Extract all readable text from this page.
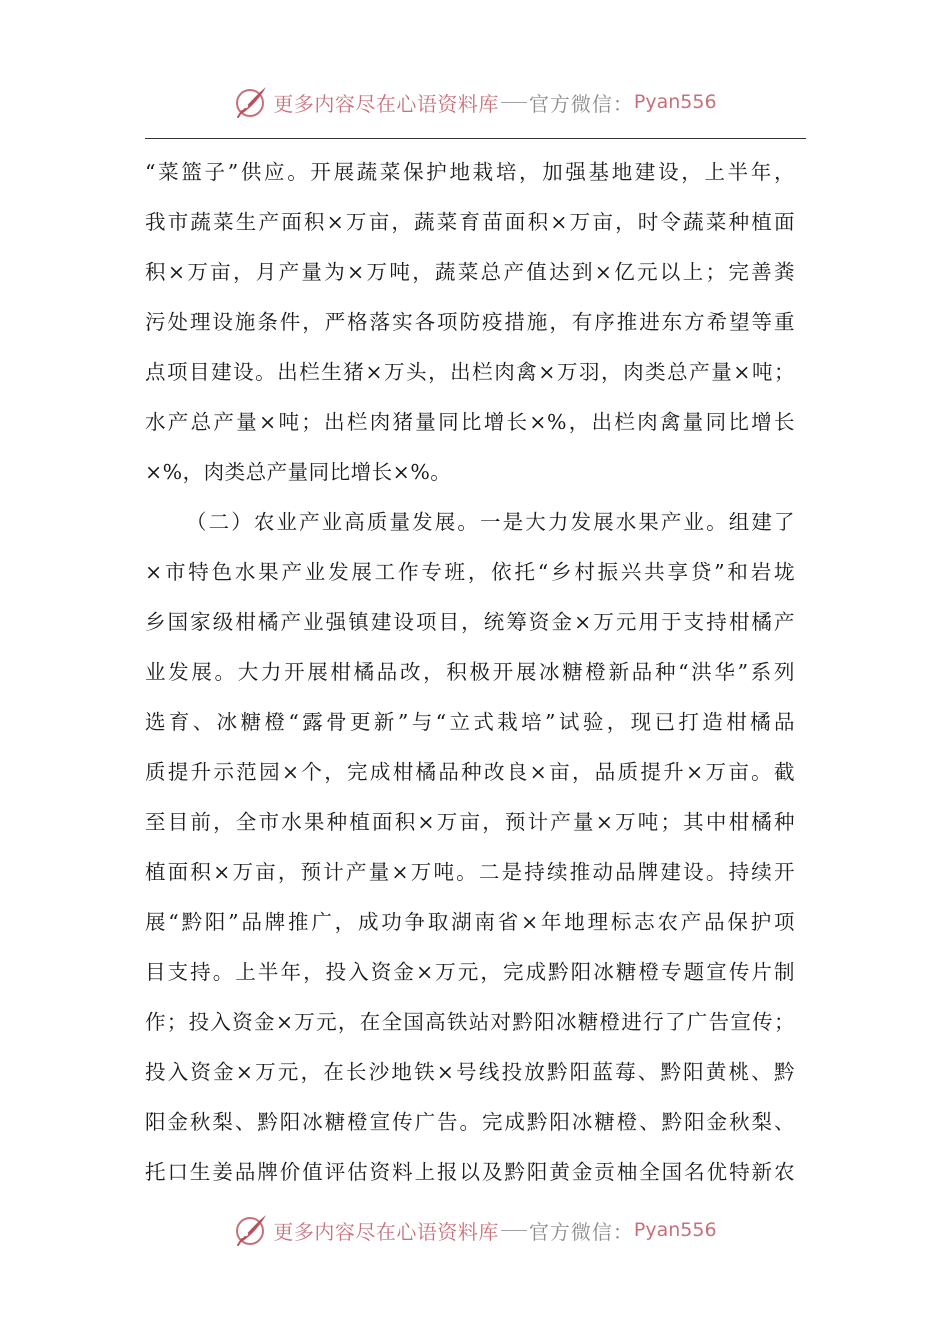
更多内容尽在心语资料库 官方微信： Pyan556
“菜篮子”供应。开展蔬菜保护地栽培，加强基地建设，上半年，
我市蔬菜生产面积×万亩，蔬菜育苗面积×万亩，时令蔬菜种植面
积×万亩，月产量为×万吨，蔬菜总产值达到×亿元以上；完善粪
污处理设施条件，严格落实各项防疫措施，有序推进东方希望等重
点项目建设。出栏生猪×万头，出栏肉禽×万羽，肉类总产量×吨；
水产总产量×吨；出栏肉猪量同比增长×%，出栏肉禽量同比增长
×%，肉类总产量同比增长×%。
（二）农业产业高质量发展。一是大力发展水果产业。组建了
×市特色水果产业发展工作专班，依托“乡村振兴共享贷”和岩垅
乡国家级柑橘产业强镇建设项目，统筹资金×万元用于支持柑橘产
业发展。大力开展柑橘品改，积极开展冰糖橙新品种“洪华”系列
选育、冰糖橙“露骨更新”与“立式栽培”试验，现已打造柑橘品
质提升示范园×个，完成柑橘品种改良×亩，品质提升×万亩。截
至目前，全市水果种植面积×万亩，预计产量×万吨；其中柑橘种
植面积×万亩，预计产量×万吨。二是持续推动品牌建设。持续开
展“黔阳”品牌推广，成功争取湖南省×年地理标志农产品保护项
目支持。上半年，投入资金×万元，完成黔阳冰糖橙专题宣传片制
作；投入资金×万元，在全国高铁站对黔阳冰糖橙进行了广告宣传；
投入资金×万元，在长沙地铁×号线投放黔阳蓝莓、黔阳黄桃、黔
阳金秋梨、黔阳冰糖橙宣传广告。完成黔阳冰糖橙、黔阳金秋梨、
托口生姜品牌价值评估资料上报以及黔阳黄金贡柚全国名优特新农
更多内容尽在心语资料库 官方微信： Pyan556
